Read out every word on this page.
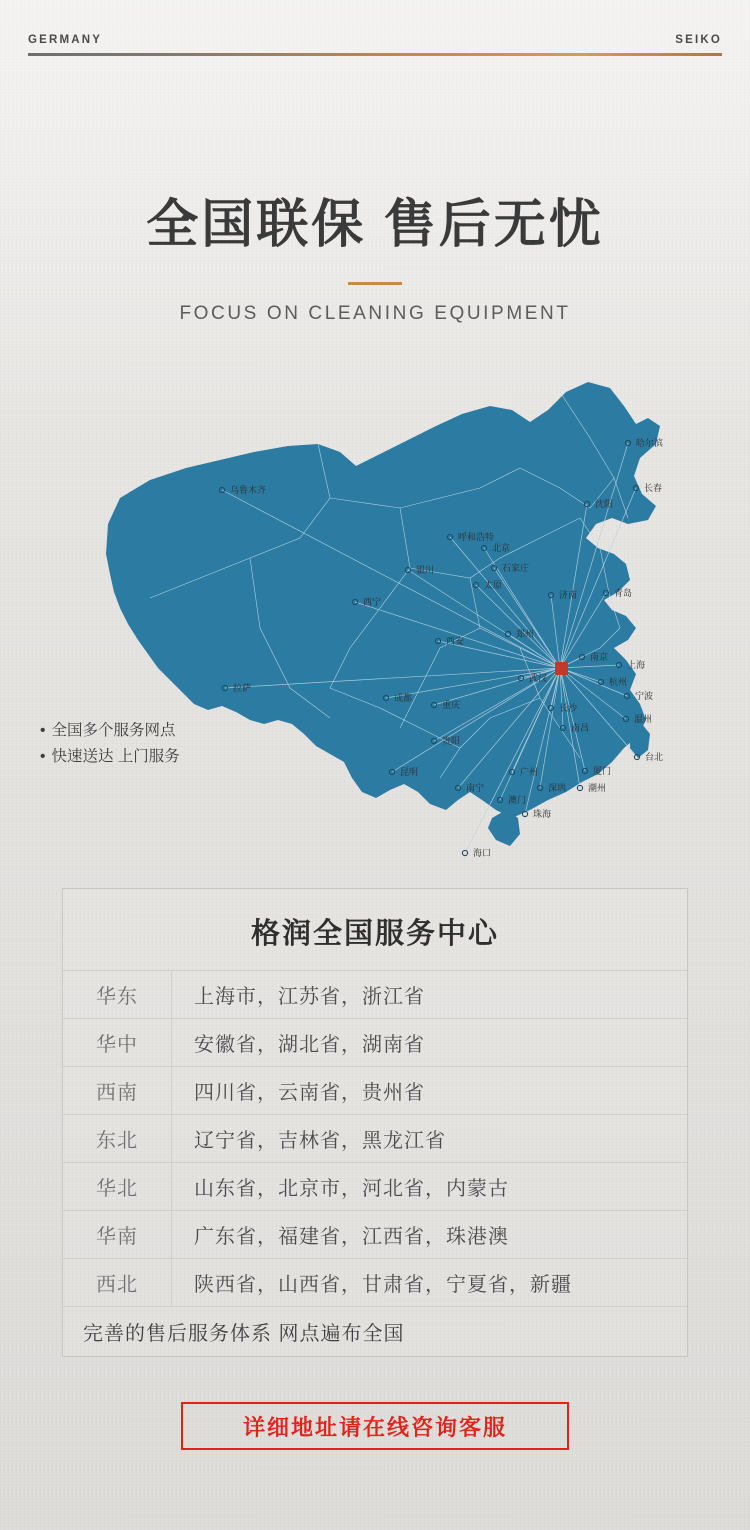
GERMANY	SEIKO
全国联保 售后无忧
FOCUS ON CLEANING EQUIPMENT
乌鲁木齐
哈尔滨
长春
沈阳
呼和浩特
北京
银川	石家庄
太原
济南	青岛
西宁
郑州
西安
南京
上海
拉萨
武汉	杭州
宁波
成都
重庆	长沙
温州
南昌
贵阳
台北
昆明	广州	厦门
南宁	深圳 潮州
澳门
珠海
海口
• 全国多个服务网点
• 快速送达 上门服务
格润全国服务中心
华东	上海市，江苏省，浙江省
华中	安徽省，湖北省，湖南省
西南	四川省，云南省，贵州省
东北	辽宁省，吉林省，黑龙江省
华北	山东省，北京市，河北省，内蒙古
华南	广东省，福建省，江西省，珠港澳
西北	陕西省，山西省，甘肃省，宁夏省，新疆
完善的售后服务体系 网点遍布全国
详细地址请在线咨询客服
